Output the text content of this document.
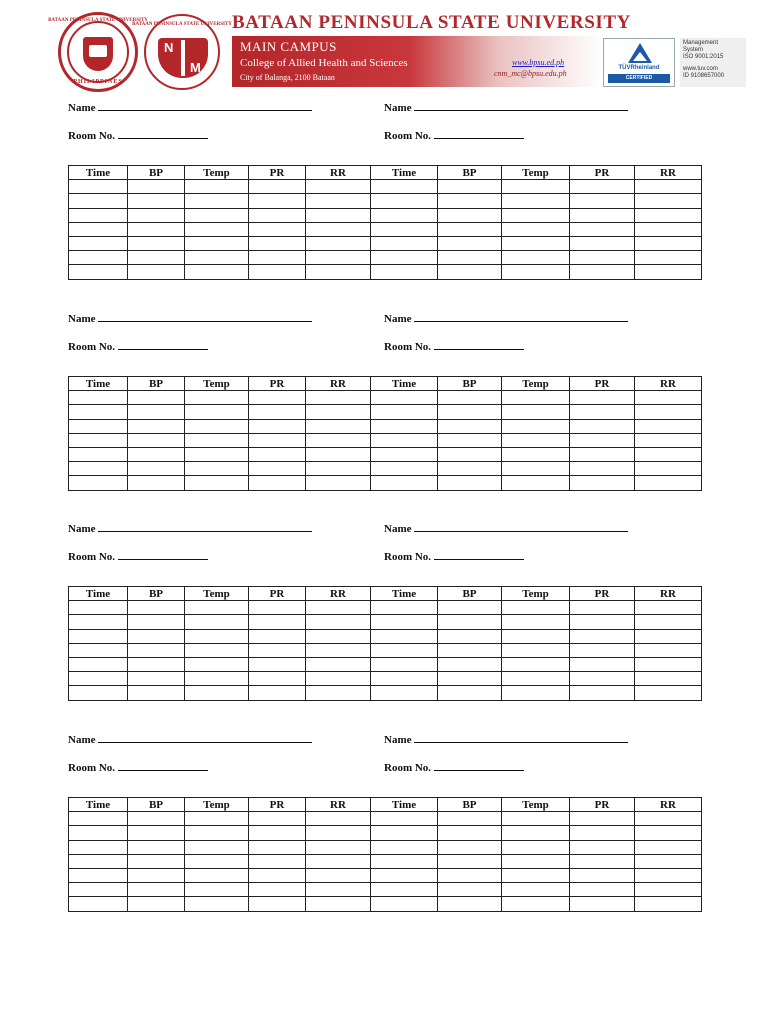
BATAAN PENINSULA STATE UNIVERSITY
PHILIPPINES
BATAAN PENINSULA STATE UNIVERSITY
N
M
BATAAN PENINSULA STATE UNIVERSITY
MAIN CAMPUS
College of Allied Health and Sciences
City of Balanga, 2100 Bataan
www.bpsu.ed.ph
cnm_mc@bpsu.edu.ph
TÜVRheinland
CERTIFIED
Management
System
ISO 9001:2015
www.tuv.com
ID 9108657000
Name	Name
Room No.	Room No.
Time	BP	Temp	PR	RR	Time	BP	Temp	PR	RR

Name	Name
Room No.	Room No.
Time	BP	Temp	PR	RR	Time	BP	Temp	PR	RR

Name	Name
Room No.	Room No.
Time	BP	Temp	PR	RR	Time	BP	Temp	PR	RR

Name	Name
Room No.	Room No.
Time	BP	Temp	PR	RR	Time	BP	Temp	PR	RR
